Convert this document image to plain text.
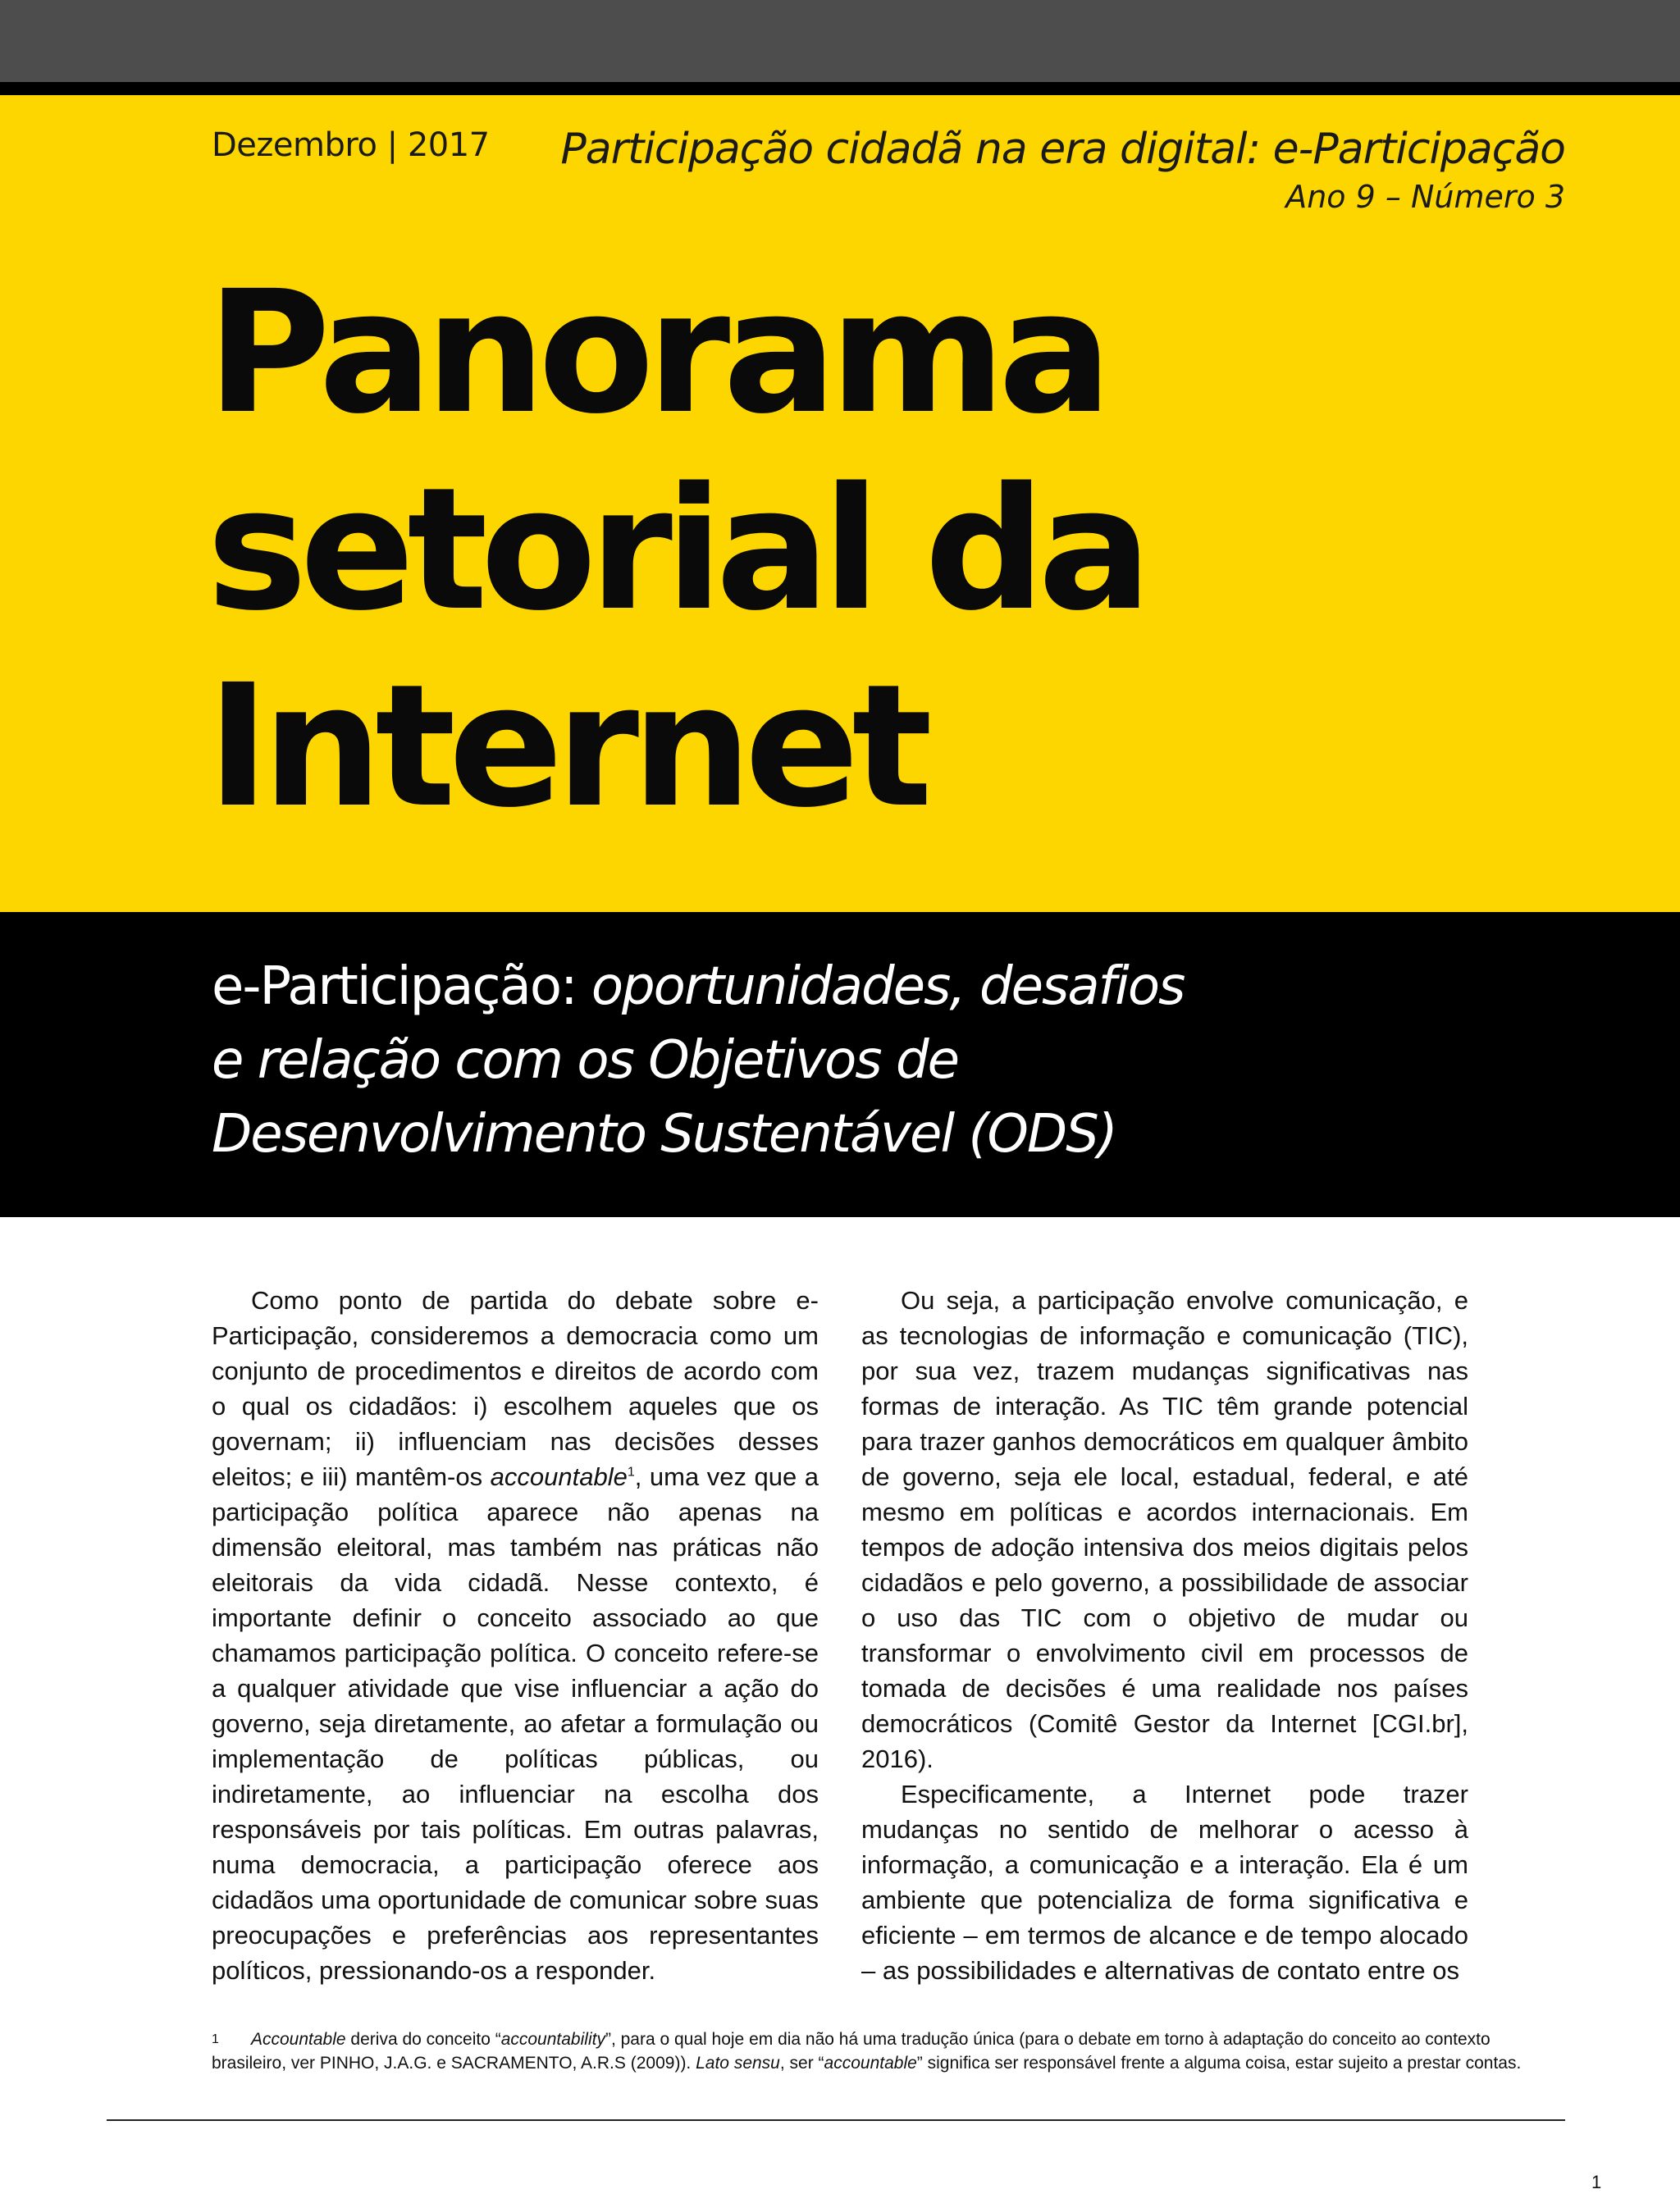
Dezembro | 2017 Participação cidadã na era digital: e-Participação
Ano 9 – Número 3
Panorama
setorial da
Internet
e-Participação: oportunidades, desafios
e relação com os Objetivos de
Desenvolvimento Sustentável (ODS)

Como ponto de partida do debate sobre e-Participação, consideremos a democracia como um conjunto de procedimentos e direitos de acordo com o qual os cidadãos: i) escolhem aqueles que os governam; ii) influenciam nas decisões desses eleitos; e iii) mantêm-os accountable$^1$, uma vez que a participação política aparece não apenas na dimensão eleitoral, mas também nas práticas não eleitorais da vida cidadã. Nesse contexto, é importante definir o conceito associado ao que chamamos participação política. O conceito refere-se a qualquer atividade que vise influenciar a ação do governo, seja diretamente, ao afetar a formulação ou implementação de políticas públicas, ou indiretamente, ao influenciar na escolha dos responsáveis por tais políticas. Em outras palavras, numa democracia, a participação oferece aos cidadãos uma oportunidade de comunicar sobre suas preocupações e preferências aos representantes políticos, pressionando-os a responder.

Ou seja, a participação envolve comunicação, e as tecnologias de informação e comunicação (TIC), por sua vez, trazem mudanças significativas nas formas de interação. As TIC têm grande potencial para trazer ganhos democráticos em qualquer âmbito de governo, seja ele local, estadual, federal, e até mesmo em políticas e acordos internacionais. Em tempos de adoção intensiva dos meios digitais pelos cidadãos e pelo governo, a possibilidade de associar o uso das TIC com o objetivo de mudar ou transformar o envolvimento civil em processos de tomada de decisões é uma realidade nos países democráticos (Comitê Gestor da Internet [CGI.br], 2016).

Especificamente, a Internet pode trazer mudanças no sentido de melhorar o acesso à informação, a comunicação e a interação. Ela é um ambiente que potencializa de forma significativa e eficiente – em termos de alcance e de tempo alocado – as possibilidades e alternativas de contato entre os

1 Accountable deriva do conceito “accountability”, para o qual hoje em dia não há uma tradução única (para o debate em torno à adaptação do conceito ao contexto brasileiro, ver PINHO, J.A.G. e SACRAMENTO, A.R.S (2009)). Lato sensu, ser “accountable” significa ser responsável frente a alguma coisa, estar sujeito a prestar contas.
1
